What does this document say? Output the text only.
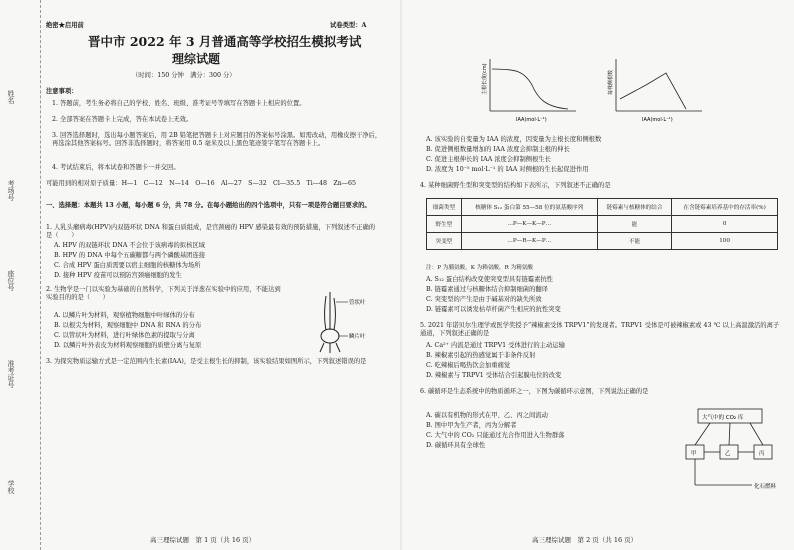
姓名
考场号
座位号
准考证号
学校
绝密★启用前	试卷类型：A
晋中市 2022 年 3 月普通高等学校招生模拟考试
理综试题
（时间：150 分钟　满分：300 分）
注意事项：
1. 答题前，考生务必将自己的学校、姓名、班级、准考证号等填写在答题卡上相应的位置。
2. 全部答案在答题卡上完成，答在本试卷上无效。
3. 回答选择题时，选出每小题答案后，用 2B 铅笔把答题卡上对应题目的答案标号涂黑。如需改动，用橡皮擦干净后，再选涂其他答案标号。回答非选择题时，将答案用 0.5 毫米及以上黑色笔迹签字笔写在答题卡上。
4. 考试结束后，将本试卷和答题卡一并交回。
可能用到的相对原子质量：H—1　C—12　N—14　O—16　Al—27　S—32　Cl—35.5　Ti—48　Zn—65
一、选择题：本题共 13 小题，每小题 6 分，共 78 分。在每小题给出的四个选项中，只有一项是符合题目要求的。
1. 人乳头瘤病毒(HPV)内双链环状 DNA 和蛋白质组成，是宫颈癌的 HPV 感染最有效的预防措施，下列叙述不正确的是（　　）
A. HPV 的双链环状 DNA 不会位于该病毒的拟核区域
B. HPV 的 DNA 中每个五碳糖都与两个磷酸基团连接
C. 合成 HPV 蛋白质需要以宿主细胞的核糖体为场所
D. 接种 HPV 疫苗可以预防宫颈癌细胞的发生
2. 生物学是一门以实验为基础的自然科学，下列关于洋葱在实验中的应用，不能达到实验目的的是（　　）
A. 以鳞片叶为材料，观察植物细胞中叶绿体的分布
B. 以根尖为材料，观察细胞中 DNA 和 RNA 的分布
C. 以管状叶为材料，进行叶绿体色素的提取与分离
D. 以鳞片叶外表皮为材料观察细胞的质壁分离与复原
管状叶
鳞片叶
3. 为探究物质运输方式是一定范围内生长素(IAA)，是受主根生长的抑制，该实验结果如图所示，下列叙述错误的是
高三理综试题　第 1 页（共 16 页）
主根长度(cm)
IAA(mol·L⁻¹)
每株侧根数
IAA(mol·L⁻¹)
A. 该实验的自变量为 IAA 的浓度，因变量为主根长度和侧根数
B. 促进侧根数量增加的 IAA 浓度会抑制主根的伸长
C. 促进主根伸长的 IAA 浓度会抑制侧根生长
D. 浓度为 10⁻⁵ mol·L⁻¹ 的 IAA 对侧根的生长起促进作用
4. 某种细菌野生型和突变型的结构如下表所示，下列叙述不正确的是
细菌类型	核糖体 S₁₂ 蛋白第 55—58 位的氨基酸序列	链霉素与核糖体的结合	在含链霉素培养基中的存活率(%)
野生型	…P—K—K—P…	能	0
突变型	…P—R—K—P…	不能	100
注：P 为脯氨酸，K 为赖氨酸，R 为精氨酸
A. S₁₂ 蛋白结构改变使突变型具有链霉素抗性
B. 链霉素通过与核糖体结合抑制细菌的翻译
C. 突变型的产生是由于碱基对的缺失所致
D. 链霉素可以诱发枯草杆菌产生相应的抗性突变
5. 2021 年诺贝尔生理学或医学奖授予“辣椒素受体 TRPV1”的发现者。TRPV1 受体是可被辣椒素或 43 ℃ 以上高温激活的离子通道，下列叙述正确的是
A. Ca²⁺ 内流是通过 TRPV1 受体进行的主动运输
B. 辣椒素引起的热感觉属于非条件反射
C. 吃辣椒后喝热饮会加重痛觉
D. 辣椒素与 TRPV1 受体结合引起膜电位的改变
6. 碳循环是生态系统中的物质循环之一，下图为碳循环示意图，下列说法正确的是
A. 碳以有机物的形式在甲、乙、丙之间流动
B. 图中甲为生产者，丙为分解者
C. 大气中的 CO₂ 只能通过光合作用进入生物群落
D. 碳循环具有全球性
大气中的 CO₂ 库
甲	乙	丙
化石燃料
高三理综试题　第 2 页（共 16 页）
